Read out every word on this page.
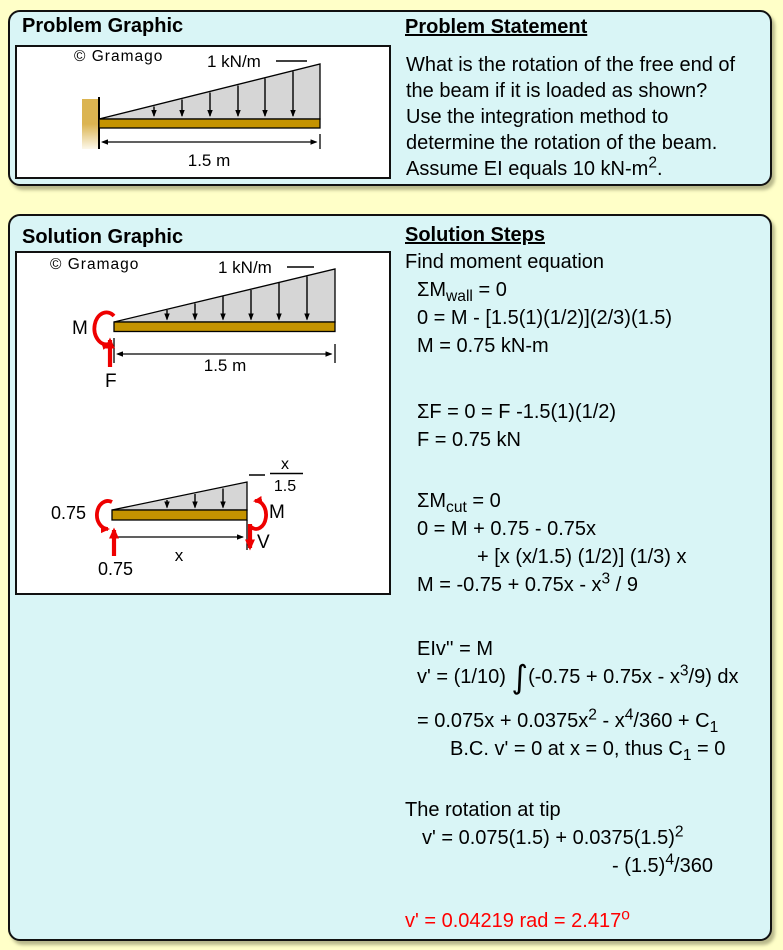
Problem Graphic
© Gramago	1 kN/m
1.5 m
Problem Statement
What is the rotation of the free end of
the beam if it is loaded as shown?
Use the integration method to
determine the rotation of the beam.
Assume EI equals 10 $kN-m^2$.
Solution Graphic
© Gramago	1 kN/m
1.5 m
M
F
x
1.5
x
0.75
0.75
M
V
Solution Steps
Find moment equation
$\Sigma M_{wall} = 0$
0 = M - [1.5(1)(1/2)](2/3)(1.5)
M = 0.75 kN-m
ΣF = 0 = F -1.5(1)(1/2)
F = 0.75 kN
$\Sigma M_{cut} = 0$
0 = M + 0.75 - 0.75x
+ [x (x/1.5) (1/2)] (1/3) x
$M = -0.75 + 0.75x - x^3 / 9$
EIv'' = M
v' = (1/10) $\int(-0.75 + 0.75x - x^3/9)$ dx
= $0.075x + 0.0375x^2 - x^4/360 + C_1$
B.C. v' = 0 at x = 0, thus $C_1 = 0$
The rotation at tip
$v' = 0.075(1.5) + 0.0375(1.5)^2$
- $(1.5)^4/360$
v' = 0.04219 rad = $2.417^o$
